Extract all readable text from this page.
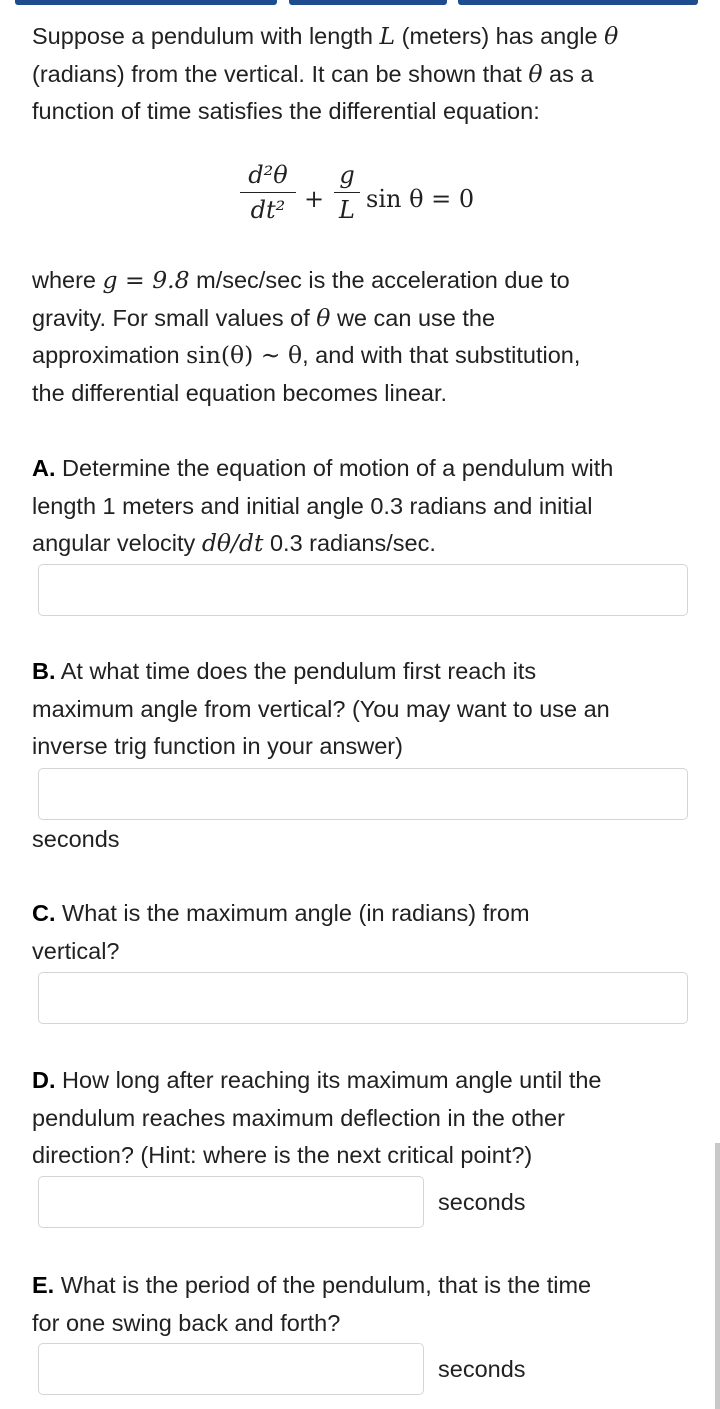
Suppose a pendulum with length L (meters) has angle θ
(radians) from the vertical. It can be shown that θ as a
function of time satisfies the differential equation:
d²θ
dt² +
g
L sin θ = 0
where g = 9.8 m/sec/sec is the acceleration due to
gravity. For small values of θ we can use the
approximation sin(θ) ∼ θ, and with that substitution,
the differential equation becomes linear.
A. Determine the equation of motion of a pendulum with
length 1 meters and initial angle 0.3 radians and initial
angular velocity dθ/dt 0.3 radians/sec.
B. At what time does the pendulum first reach its
maximum angle from vertical? (You may want to use an
inverse trig function in your answer)
seconds
C. What is the maximum angle (in radians) from
vertical?
D. How long after reaching its maximum angle until the
pendulum reaches maximum deflection in the other
direction? (Hint: where is the next critical point?)
seconds
E. What is the period of the pendulum, that is the time
for one swing back and forth?
seconds
